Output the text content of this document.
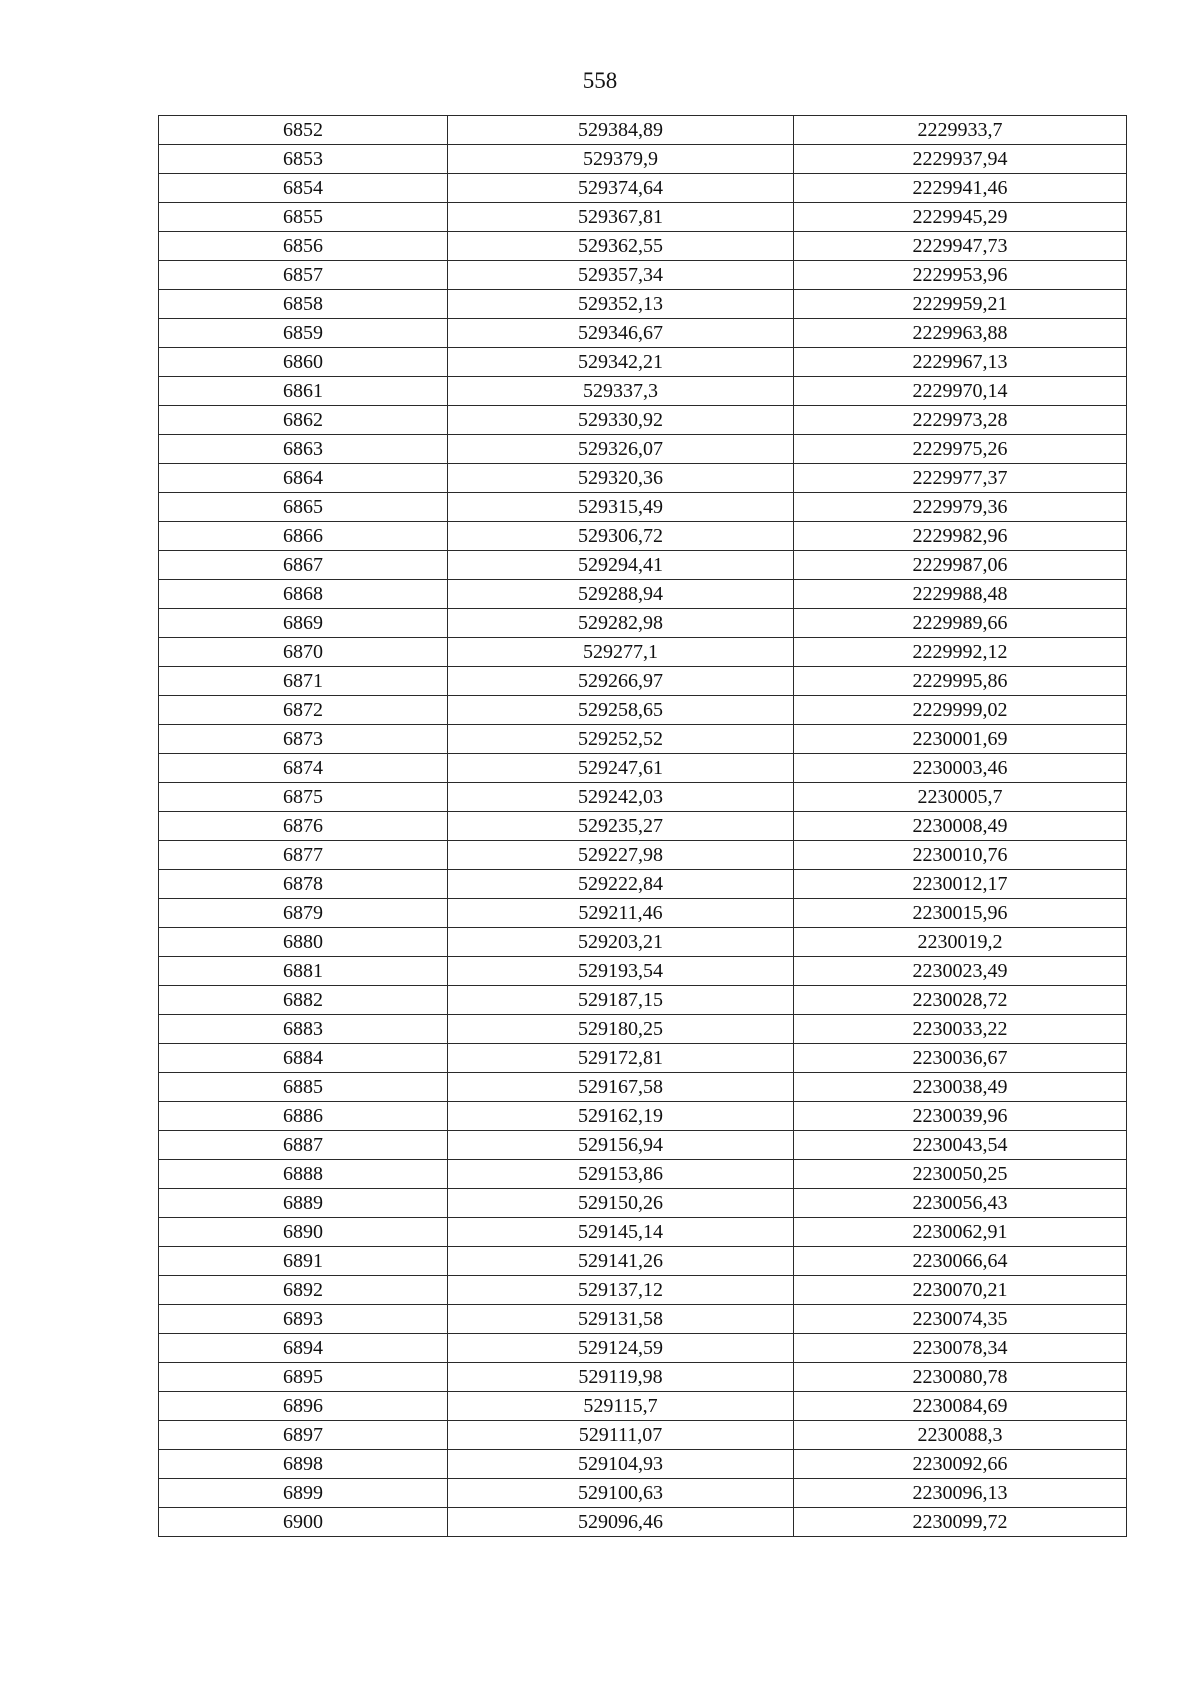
558
6852	529384,89	2229933,7
6853	529379,9	2229937,94
6854	529374,64	2229941,46
6855	529367,81	2229945,29
6856	529362,55	2229947,73
6857	529357,34	2229953,96
6858	529352,13	2229959,21
6859	529346,67	2229963,88
6860	529342,21	2229967,13
6861	529337,3	2229970,14
6862	529330,92	2229973,28
6863	529326,07	2229975,26
6864	529320,36	2229977,37
6865	529315,49	2229979,36
6866	529306,72	2229982,96
6867	529294,41	2229987,06
6868	529288,94	2229988,48
6869	529282,98	2229989,66
6870	529277,1	2229992,12
6871	529266,97	2229995,86
6872	529258,65	2229999,02
6873	529252,52	2230001,69
6874	529247,61	2230003,46
6875	529242,03	2230005,7
6876	529235,27	2230008,49
6877	529227,98	2230010,76
6878	529222,84	2230012,17
6879	529211,46	2230015,96
6880	529203,21	2230019,2
6881	529193,54	2230023,49
6882	529187,15	2230028,72
6883	529180,25	2230033,22
6884	529172,81	2230036,67
6885	529167,58	2230038,49
6886	529162,19	2230039,96
6887	529156,94	2230043,54
6888	529153,86	2230050,25
6889	529150,26	2230056,43
6890	529145,14	2230062,91
6891	529141,26	2230066,64
6892	529137,12	2230070,21
6893	529131,58	2230074,35
6894	529124,59	2230078,34
6895	529119,98	2230080,78
6896	529115,7	2230084,69
6897	529111,07	2230088,3
6898	529104,93	2230092,66
6899	529100,63	2230096,13
6900	529096,46	2230099,72
